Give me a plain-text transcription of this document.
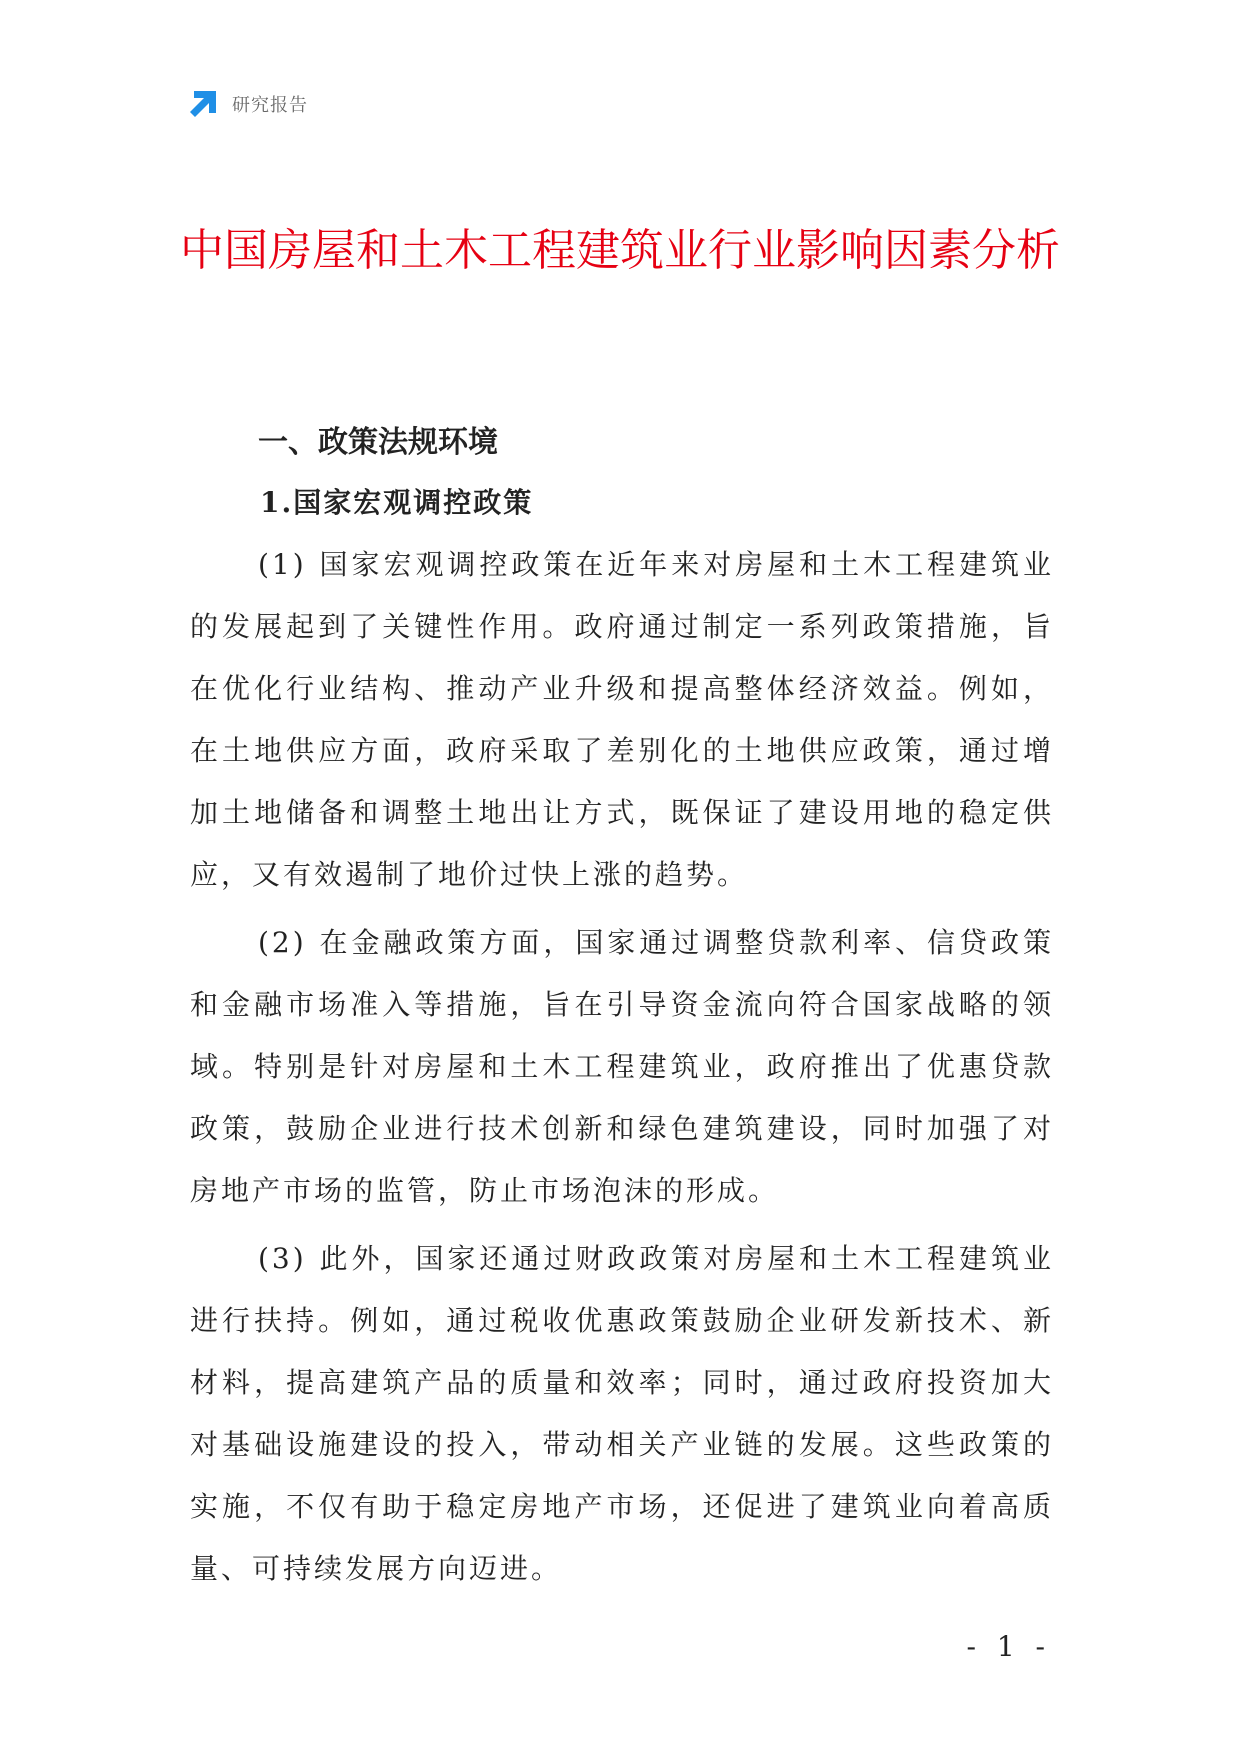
研究报告
中国房屋和土木工程建筑业行业影响因素分析
一、政策法规环境
1.国家宏观调控政策

(1) 国家宏观调控政策在近年来对房屋和土木工程建筑业的发展起到了关键性作用。政府通过制定一系列政策措施，旨在优化行业结构、推动产业升级和提高整体经济效益。例如，在土地供应方面，政府采取了差别化的土地供应政策，通过增加土地储备和调整土地出让方式，既保证了建设用地的稳定供应，又有效遏制了地价过快上涨的趋势。

(2) 在金融政策方面，国家通过调整贷款利率、信贷政策和金融市场准入等措施，旨在引导资金流向符合国家战略的领域。特别是针对房屋和土木工程建筑业，政府推出了优惠贷款政策，鼓励企业进行技术创新和绿色建筑建设，同时加强了对房地产市场的监管，防止市场泡沫的形成。

(3) 此外，国家还通过财政政策对房屋和土木工程建筑业进行扶持。例如，通过税收优惠政策鼓励企业研发新技术、新材料，提高建筑产品的质量和效率；同时，通过政府投资加大对基础设施建设的投入，带动相关产业链的发展。这些政策的实施，不仅有助于稳定房地产市场，还促进了建筑业向着高质量、可持续发展方向迈进。

- 1 -
